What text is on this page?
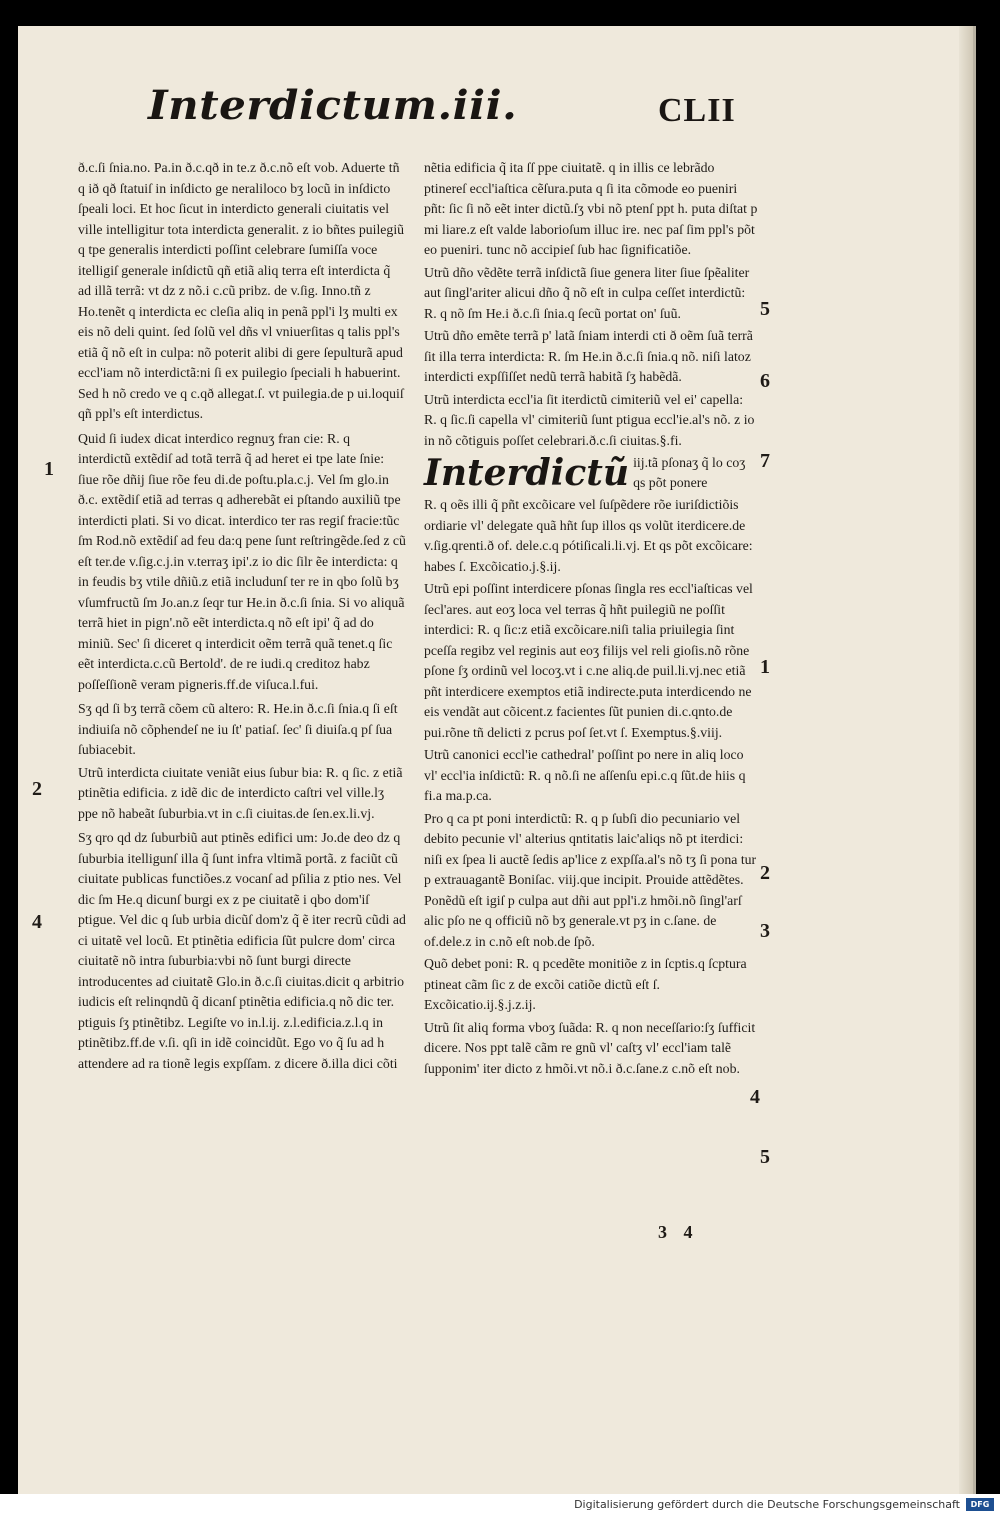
Interdictum.iii.	CLII

ð.c.ſi ſnia.no. Pa.in ð.c.qð in te.z ð.c.nõ eſt vob. Aduerte tñ q ið qð ſtatuiſ in inſdicto ge neraliloco bʒ locũ in inſdicto ſpeali loci. Et hoc ſicut in interdicto generali ciuitatis vel ville intelligitur tota interdicta generalit. z io bñtes puilegiũ q tpe generalis interdicti poſſint celebrare ſumiſſa voce itelligiſ generale inſdictũ qñ etiã aliq terra eſt interdicta q̃ ad illã terrã: vt dz z nõ.i c.cũ pribz. de v.ſig. Inno.tñ z Ho.tenẽt q interdicta ec cleſia aliq in penã ppl'i lʒ multi ex eis nõ deli quint. ſed ſolũ vel dñs vl vniuerſitas q talis ppl's etiã q̃ nõ eſt in culpa: nõ poterit alibi di gere ſepulturã apud eccl'iam nõ interdictã:ni ſi ex puilegio ſpeciali h habuerint. Sed h nõ credo ve q c.qð allegat.ſ. vt puilegia.de p ui.loquiſ qñ ppl's eſt interdictus.

Quid ſi iudex dicat interdico regnuʒ fran cie: R. q interdictũ extẽdiſ ad totã terrã q̃ ad heret ei tpe late ſnie: ſiue rõe dñij ſiue rõe feu di.de poſtu.pla.c.j. Vel ſm glo.in ð.c. extẽdiſ etiã ad terras q adherebãt ei pſtando auxiliũ tpe interdicti plati. Si vo dicat. interdico ter ras regiſ fracie:tũc ſm Rod.nõ extẽdiſ ad feu da:q pene ſunt reſtringẽde.ſed z cũ eſt ter.de v.ſig.c.j.in v.terraʒ ipi'.z io dic ſilr ẽe interdicta: q in feudis bʒ vtile dñiũ.z etiã includunſ ter re in qbo ſolũ bʒ vſumfructũ ſm Jo.an.z ſeqr tur He.in ð.c.ſi ſnia. Si vo aliquã terrã hiet in pign'.nõ eẽt interdicta.q nõ eſt ipi' q̃ ad do miniũ. Sec' ſi diceret q interdicit oẽm terrã quã tenet.q ſic eẽt interdicta.c.cũ Bertold'. de re iudi.q creditoz habz poſſeſſionẽ veram pigneris.ff.de viſuca.l.fui.

Sʒ qd ſi bʒ terrã cõem cũ altero: R. He.in ð.c.ſi ſnia.q ſi eſt indiuiſa nõ cõphendeſ ne iu ſt' patiaſ. ſec' ſi diuiſa.q pſ ſua ſubiacebit.

Utrũ interdicta ciuitate veniãt eius ſubur bia: R. q ſic. z etiã ptinẽtia edificia. z idẽ dic de interdicto caſtri vel ville.lʒ ppe nõ habeãt ſuburbia.vt in c.ſi ciuitas.de ſen.ex.li.vj.

Sʒ qro qd dz ſuburbiũ aut ptinẽs edifici um: Jo.de deo dz q ſuburbia itelligunſ illa q̃ ſunt infra vltimã portã. z faciũt cũ ciuitate publicas functiões.z vocanſ ad pſilia z ptio nes. Vel dic ſm He.q dicunſ burgi ex z pe ciuitatẽ i qbo dom'iſ ptigue. Vel dic q ſub urbia dicũſ dom'z q̃ ẽ iter recrũ cũdi ad ci uitatẽ vel locũ. Et ptinẽtia edificia ſũt pulcre dom' circa ciuitatẽ nõ intra ſuburbia:vbi nõ ſunt burgi directe introducentes ad ciuitatẽ Glo.in ð.c.ſi ciuitas.dicit q arbitrio iudicis eſt relinqndũ q̃ dicanſ ptinẽtia edificia.q nõ dic ter. ptiguis ſʒ ptinẽtibz. Legiſte vo in.l.ij. z.l.edificia.z.l.q in ptinẽtibz.ff.de v.ſi. qſi in idẽ coincidũt. Ego vo q̃ ſu ad h attendere ad ra tionẽ legis expſſam. z dicere ð.illa dici cõti

nẽtia edificia q̃ ita ſſ ppe ciuitatẽ. q in illis ce lebrãdo ptinereſ eccl'iaſtica cẽſura.puta q ſi ita cõmode eo pueniri pñt: ſic ſi nõ eẽt inter dictũ.ſʒ vbi nõ ptenſ ppt h. puta diſtat p mi liare.z eſt valde laborioſum illuc ire. nec paſ ſim ppl's põt eo pueniri. tunc nõ accipieſ ſub hac ſignificatiõe.

Utrũ dño vẽdẽte terrã inſdictã ſiue genera liter ſiue ſpẽaliter aut ſingl'ariter alicui dño q̃ nõ eſt in culpa ceſſet interdictũ: R. q nõ ſm He.i ð.c.ſi ſnia.q ſecũ portat on' ſuũ.

Utrũ dño emẽte terrã p' latã ſniam interdi cti ð oẽm ſuã terrã ſit illa terra interdicta: R. ſm He.in ð.c.ſi ſnia.q nõ. niſi latoz interdicti expſſiſſet nedũ terrã habitã ſʒ habẽdã.

Utrũ interdicta eccl'ia ſit iterdictũ cimiteriũ vel ei' capella: R. q ſic.ſi capella vl' cimiteriũ ſunt ptigua eccl'ie.al's nõ. z io in nõ cõtiguis poſſet celebrari.ð.c.ſi ciuitas.§.fi.

Interdictũ iij.tã pſonaʒ q̃ lo coʒ qs põt ponere

R. q oẽs illi q̃ pñt excõicare vel ſuſpẽdere rõe iuriſdictiõis ordiarie vl' delegate quã hñt ſup illos qs volũt iterdicere.de v.ſig.qrenti.ð of. dele.c.q pótiſicali.li.vj. Et qs põt excõicare: habes ſ. Excõicatio.j.§.ij.

Utrũ epi poſſint interdicere pſonas ſingla res eccl'iaſticas vel ſecl'ares. aut eoʒ loca vel terras q̃ hñt puilegiũ ne poſſit interdici: R. q ſic:z etiã excõicare.niſi talia priuilegia ſint pceſſa regibz vel reginis aut eoʒ filijs vel reli gioſis.nõ rõne pſone ſʒ ordinũ vel locoʒ.vt i c.ne aliq.de puil.li.vj.nec etiã pñt interdicere exemptos etiã indirecte.puta interdicendo ne eis vendãt aut cõicent.z facientes ſũt punien di.c.qnto.de pui.rõne tñ delicti z pcrus poſ ſet.vt ſ. Exemptus.§.viij.

Utrũ canonici eccl'ie cathedral' poſſint po nere in aliq loco vl' eccl'ia inſdictũ: R. q nõ.ſi ne aſſenſu epi.c.q ſũt.de hiis q fi.a ma.p.ca.

Pro q ca pt poni interdictũ: R. q p ſubſi dio pecuniario vel debito pecunie vl' alterius qntitatis laic'aliqs nõ pt iterdici: niſi ex ſpea li auctẽ ſedis ap'lice z expſſa.al's nõ tʒ ſi pona tur p extrauagantẽ Boniſac. viij.que incipit. Prouide attẽdẽtes. Ponẽdũ eſt igiſ p culpa aut dñi aut ppl'i.z hmõi.nõ ſingl'arſ alic pſo ne q officiũ nõ bʒ generale.vt pʒ in c.ſane. de of.dele.z in c.nõ eſt nob.de ſpõ.

Quõ debet poni: R. q pcedẽte monitiõe z in ſcptis.q ſcptura ptineat cãm ſic z de excõi catiõe dictũ eſt ſ. Excõicatio.ij.§.j.z.ij.

Utrũ ſit aliq forma vboʒ ſuãda: R. q non neceſſario:ſʒ ſufficit dicere. Nos ppt talẽ cãm re gnũ vl' caſtʒ vl' eccl'iam talẽ ſupponim' iter dicto z hmõi.vt nõ.i ð.c.ſane.z c.nõ eſt nob.

1
2
4
5
6
7
1
2
3
4
5
3 4
Digitalisierung gefördert durch die Deutsche Forschungsgemeinschaft	DFG
